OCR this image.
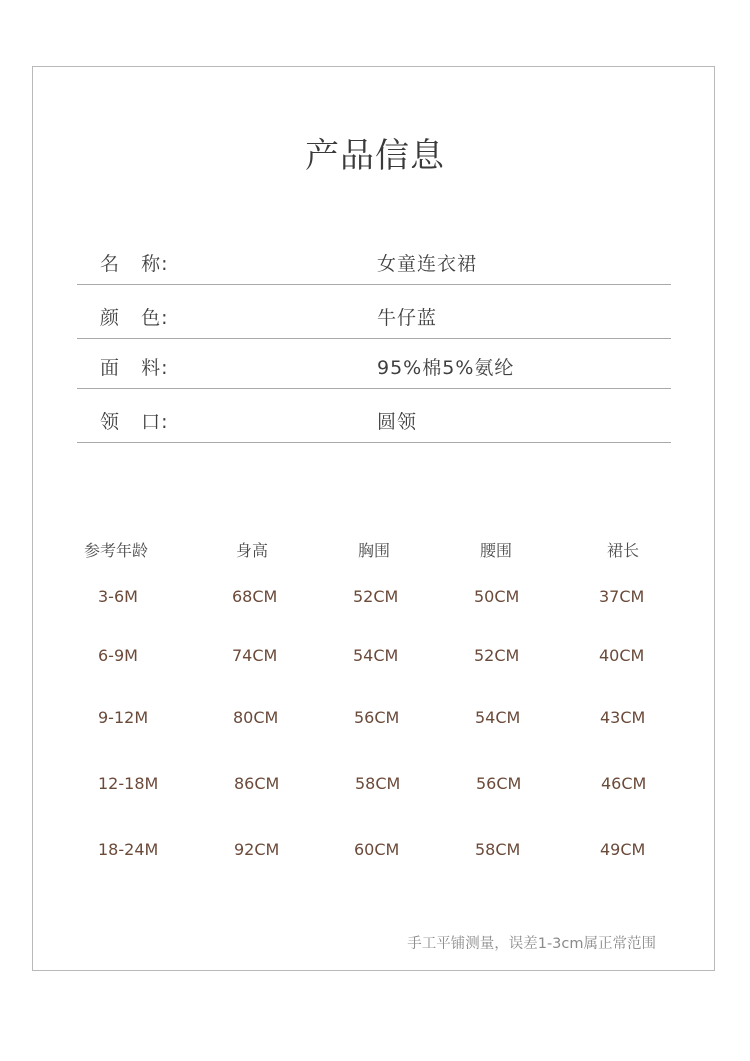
产品信息
名   称:	女童连衣裙
颜   色:	牛仔蓝
面   料:	95%棉5%氨纶
领   口:	圆领
参考年龄	身高	胸围	腰围	裙长
3-6M	68CM	52CM	50CM	37CM
6-9M	74CM	54CM	52CM	40CM
9-12M	80CM	56CM	54CM	43CM
12-18M	86CM	58CM	56CM	46CM
18-24M	92CM	60CM	58CM	49CM
手工平铺测量，误差1-3cm属正常范围
